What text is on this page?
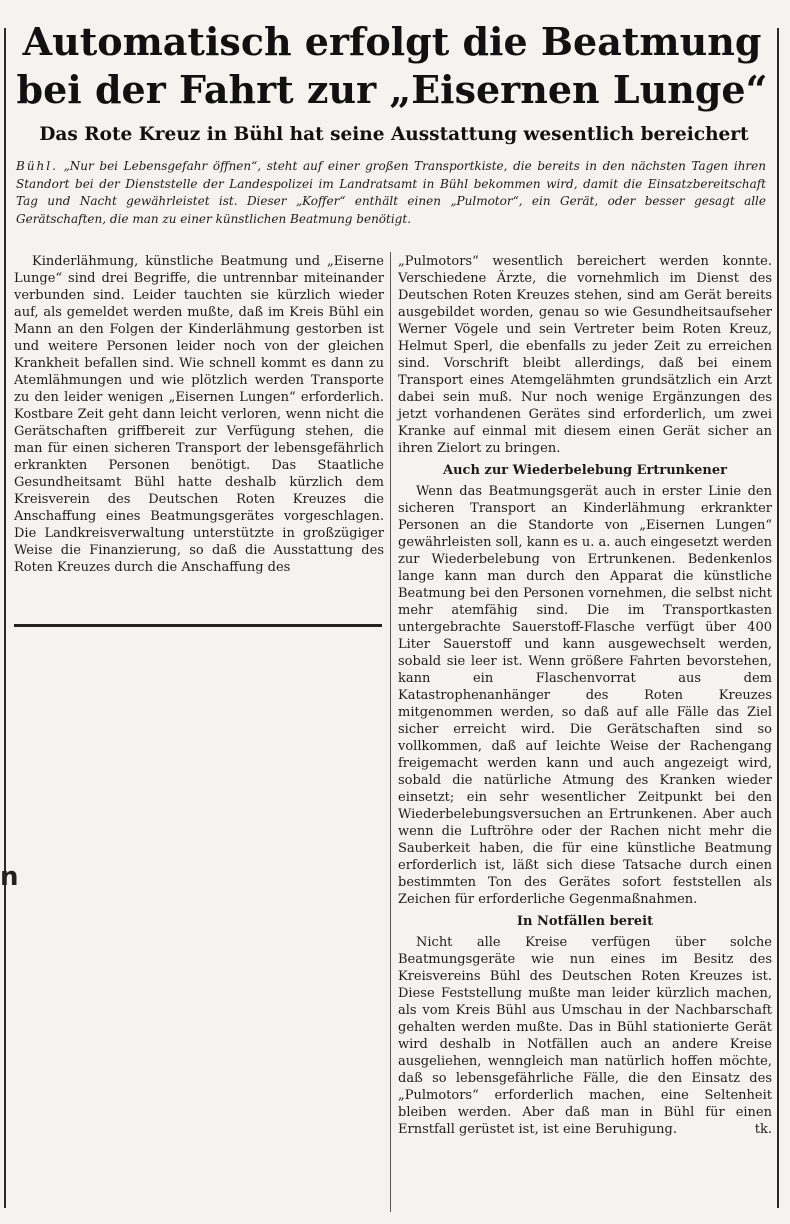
n
Automatisch erfolgt die Beatmung
bei der Fahrt zur „Eisernen Lunge“
Das Rote Kreuz in Bühl hat seine Ausstattung wesentlich bereichert

Bühl. „Nur bei Lebensgefahr öffnen“, steht auf einer großen Transportkiste, die bereits in den nächsten Tagen ihren Standort bei der Dienststelle der Landespolizei im Landratsamt in Bühl bekommen wird, damit die Einsatzbereitschaft Tag und Nacht gewährleistet ist. Dieser „Koffer“ enthält einen „Pulmotor“, ein Gerät, oder besser gesagt alle Gerätschaften, die man zu einer künstlichen Beatmung benötigt.

Kinderlähmung, künstliche Beatmung und „Eiserne Lunge“ sind drei Begriffe, die untrennbar miteinander verbunden sind. Leider tauchten sie kürzlich wieder auf, als gemeldet werden mußte, daß im Kreis Bühl ein Mann an den Folgen der Kinderlähmung gestorben ist und weitere Personen leider noch von der gleichen Krankheit befallen sind. Wie schnell kommt es dann zu Atemlähmungen und wie plötzlich werden Transporte zu den leider wenigen „Eisernen Lungen“ erforderlich. Kostbare Zeit geht dann leicht verloren, wenn nicht die Gerätschaften griffbereit zur Verfügung stehen, die man für einen sicheren Transport der lebensgefährlich erkrankten Personen benötigt. Das Staatliche Gesundheitsamt Bühl hatte deshalb kürzlich dem Kreisverein des Deutschen Roten Kreuzes die Anschaffung eines Beatmungsgerätes vorgeschlagen. Die Landkreisverwaltung unterstützte in großzügiger Weise die Finanzierung, so daß die Ausstattung des Roten Kreuzes durch die Anschaffung des

„Pulmotors“ wesentlich bereichert werden konnte. Verschiedene Ärzte, die vornehmlich im Dienst des Deutschen Roten Kreuzes stehen, sind am Gerät bereits ausgebildet worden, genau so wie Gesundheitsaufseher Werner Vögele und sein Vertreter beim Roten Kreuz, Helmut Sperl, die ebenfalls zu jeder Zeit zu erreichen sind. Vorschrift bleibt allerdings, daß bei einem Transport eines Atemgelähmten grundsätzlich ein Arzt dabei sein muß. Nur noch wenige Ergänzungen des jetzt vorhandenen Gerätes sind erforderlich, um zwei Kranke auf einmal mit diesem einen Gerät sicher an ihren Zielort zu bringen.

Auch zur Wiederbelebung Ertrunkener

Wenn das Beatmungsgerät auch in erster Linie den sicheren Transport an Kinderlähmung erkrankter Personen an die Standorte von „Eisernen Lungen“ gewährleisten soll, kann es u. a. auch eingesetzt werden zur Wiederbelebung von Ertrunkenen. Bedenkenlos lange kann man durch den Apparat die künstliche Beatmung bei den Personen vornehmen, die selbst nicht mehr atemfähig sind. Die im Transportkasten untergebrachte Sauerstoff-Flasche verfügt über 400 Liter Sauerstoff und kann ausgewechselt werden, sobald sie leer ist. Wenn größere Fahrten bevorstehen, kann ein Flaschenvorrat aus dem Katastrophenanhänger des Roten Kreuzes mitgenommen werden, so daß auf alle Fälle das Ziel sicher erreicht wird. Die Gerätschaften sind so vollkommen, daß auf leichte Weise der Rachengang freigemacht werden kann und auch angezeigt wird, sobald die natürliche Atmung des Kranken wieder einsetzt; ein sehr wesentlicher Zeitpunkt bei den Wiederbelebungsversuchen an Ertrunkenen. Aber auch wenn die Luftröhre oder der Rachen nicht mehr die Sauberkeit haben, die für eine künstliche Beatmung erforderlich ist, läßt sich diese Tatsache durch einen bestimmten Ton des Gerätes sofort feststellen als Zeichen für erforderliche Gegenmaßnahmen.

In Notfällen bereit

Nicht alle Kreise verfügen über solche Beatmungsgeräte wie nun eines im Besitz des Kreisvereins Bühl des Deutschen Roten Kreuzes ist. Diese Feststellung mußte man leider kürzlich machen, als vom Kreis Bühl aus Umschau in der Nachbarschaft gehalten werden mußte. Das in Bühl stationierte Gerät wird deshalb in Notfällen auch an andere Kreise ausgeliehen, wenngleich man natürlich hoffen möchte, daß so lebensgefährliche Fälle, die den Einsatz des „Pulmotors“ erforderlich machen, eine Seltenheit bleiben werden. Aber daß man in Bühl für einen Ernstfall gerüstet ist, ist eine Beruhigung.	tk.
